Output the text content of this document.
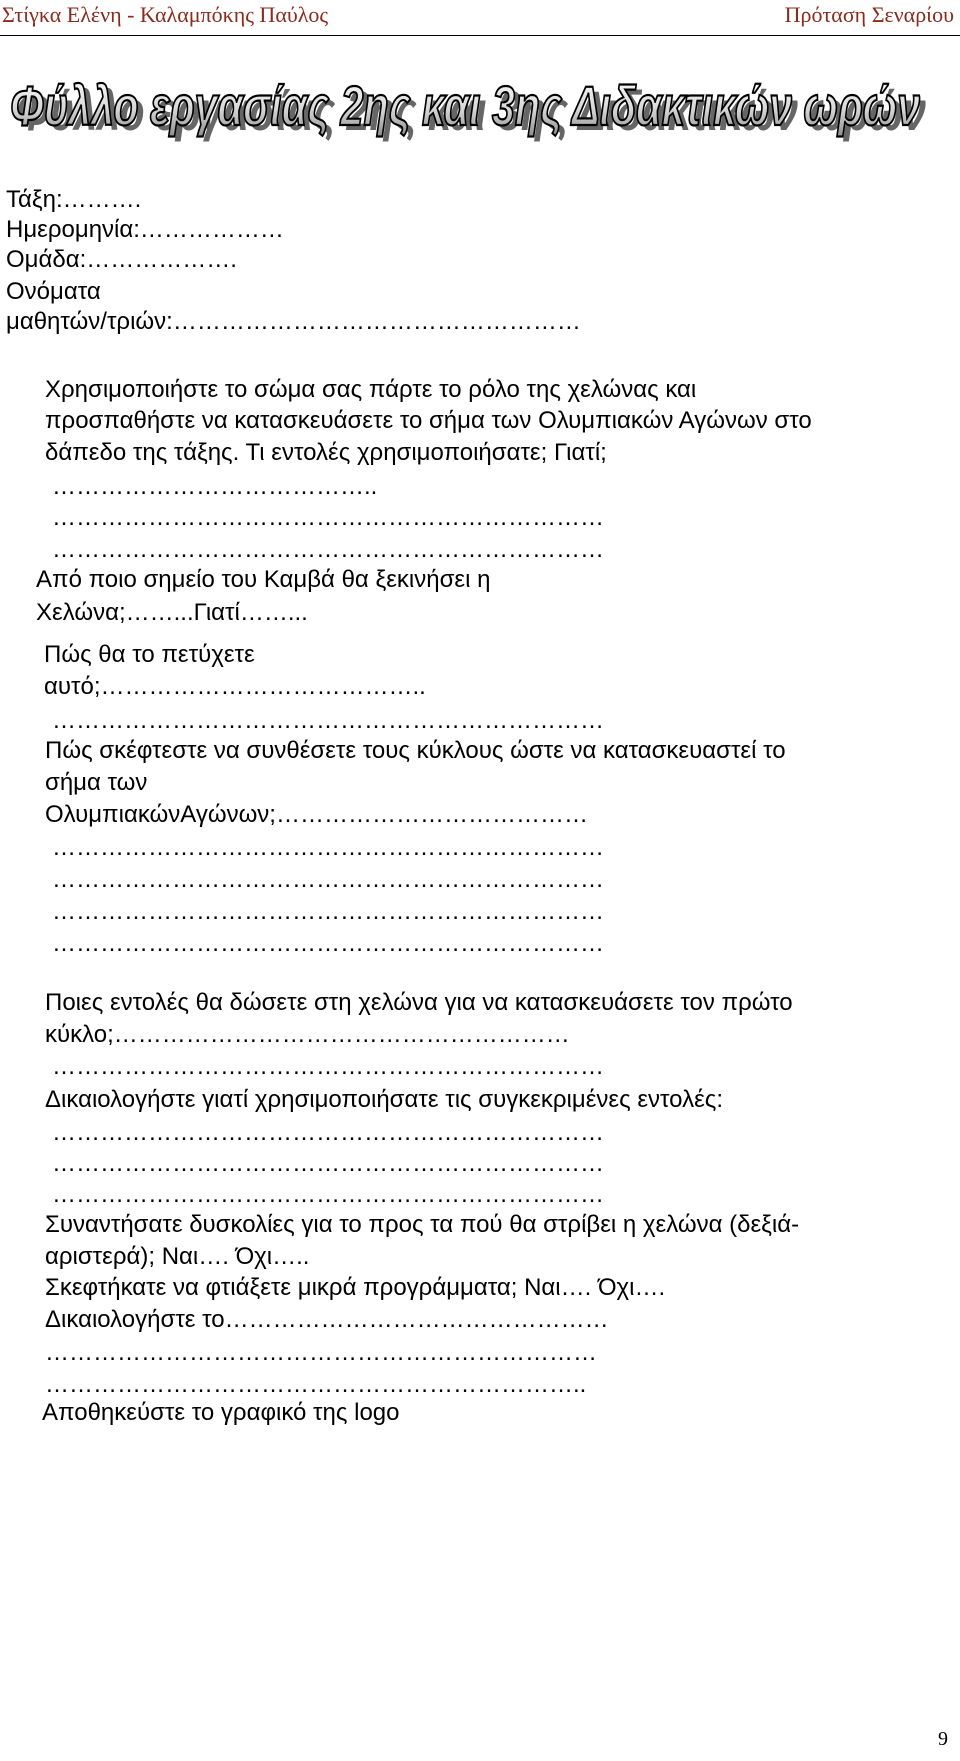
Στίγκα Ελένη - Καλαμπόκης Παύλος	Πρόταση Σεναρίου
Φύλλο εργασίας 2ης και 3ης Διδακτικών ωρών
Φύλλο εργασίας 2ης και 3ης Διδακτικών ωρών
Τάξη:……….
Ημερομηνία:………………
Ομάδα:……………….
Ονόματα
μαθητών/τριών:……………………………………………
Χρησιμοποιήστε το σώμα σας πάρτε το ρόλο της χελώνας και
προσπαθήστε να κατασκευάσετε το σήμα των Ολυμπιακών Αγώνων στο
δάπεδο της τάξης. Τι εντολές χρησιμοποιήσατε; Γιατί;
…………………………………..
……………………………………………………………
……………………………………………………………
Από ποιο σημείο του Καμβά θα ξεκινήσει η
Χελώνα;……...Γιατί……...
Πώς θα το πετύχετε
αυτό;…………………………………..
……………………………………………………………
Πώς σκέφτεστε να συνθέσετε τους κύκλους ώστε να κατασκευαστεί το
σήμα των
ΟλυμπιακώνΑγώνων;…………………………………
……………………………………………………………
……………………………………………………………
……………………………………………………………
……………………………………………………………
Ποιες εντολές θα δώσετε στη χελώνα για να κατασκευάσετε τον πρώτο
κύκλο;…………………………………………………
……………………………………………………………
Δικαιολογήστε γιατί χρησιμοποιήσατε τις συγκεκριμένες εντολές:
……………………………………………………………
……………………………………………………………
……………………………………………………………
Συναντήσατε δυσκολίες για το προς τα πού θα στρίβει η χελώνα (δεξιά-
αριστερά); Ναι…. Όχι…..
Σκεφτήκατε να φτιάξετε μικρά προγράμματα; Ναι…. Όχι….
Δικαιολογήστε το…………………………………………
……………………………………………………………
…………………………………………………………..
Αποθηκεύστε το γραφικό της logo
9
